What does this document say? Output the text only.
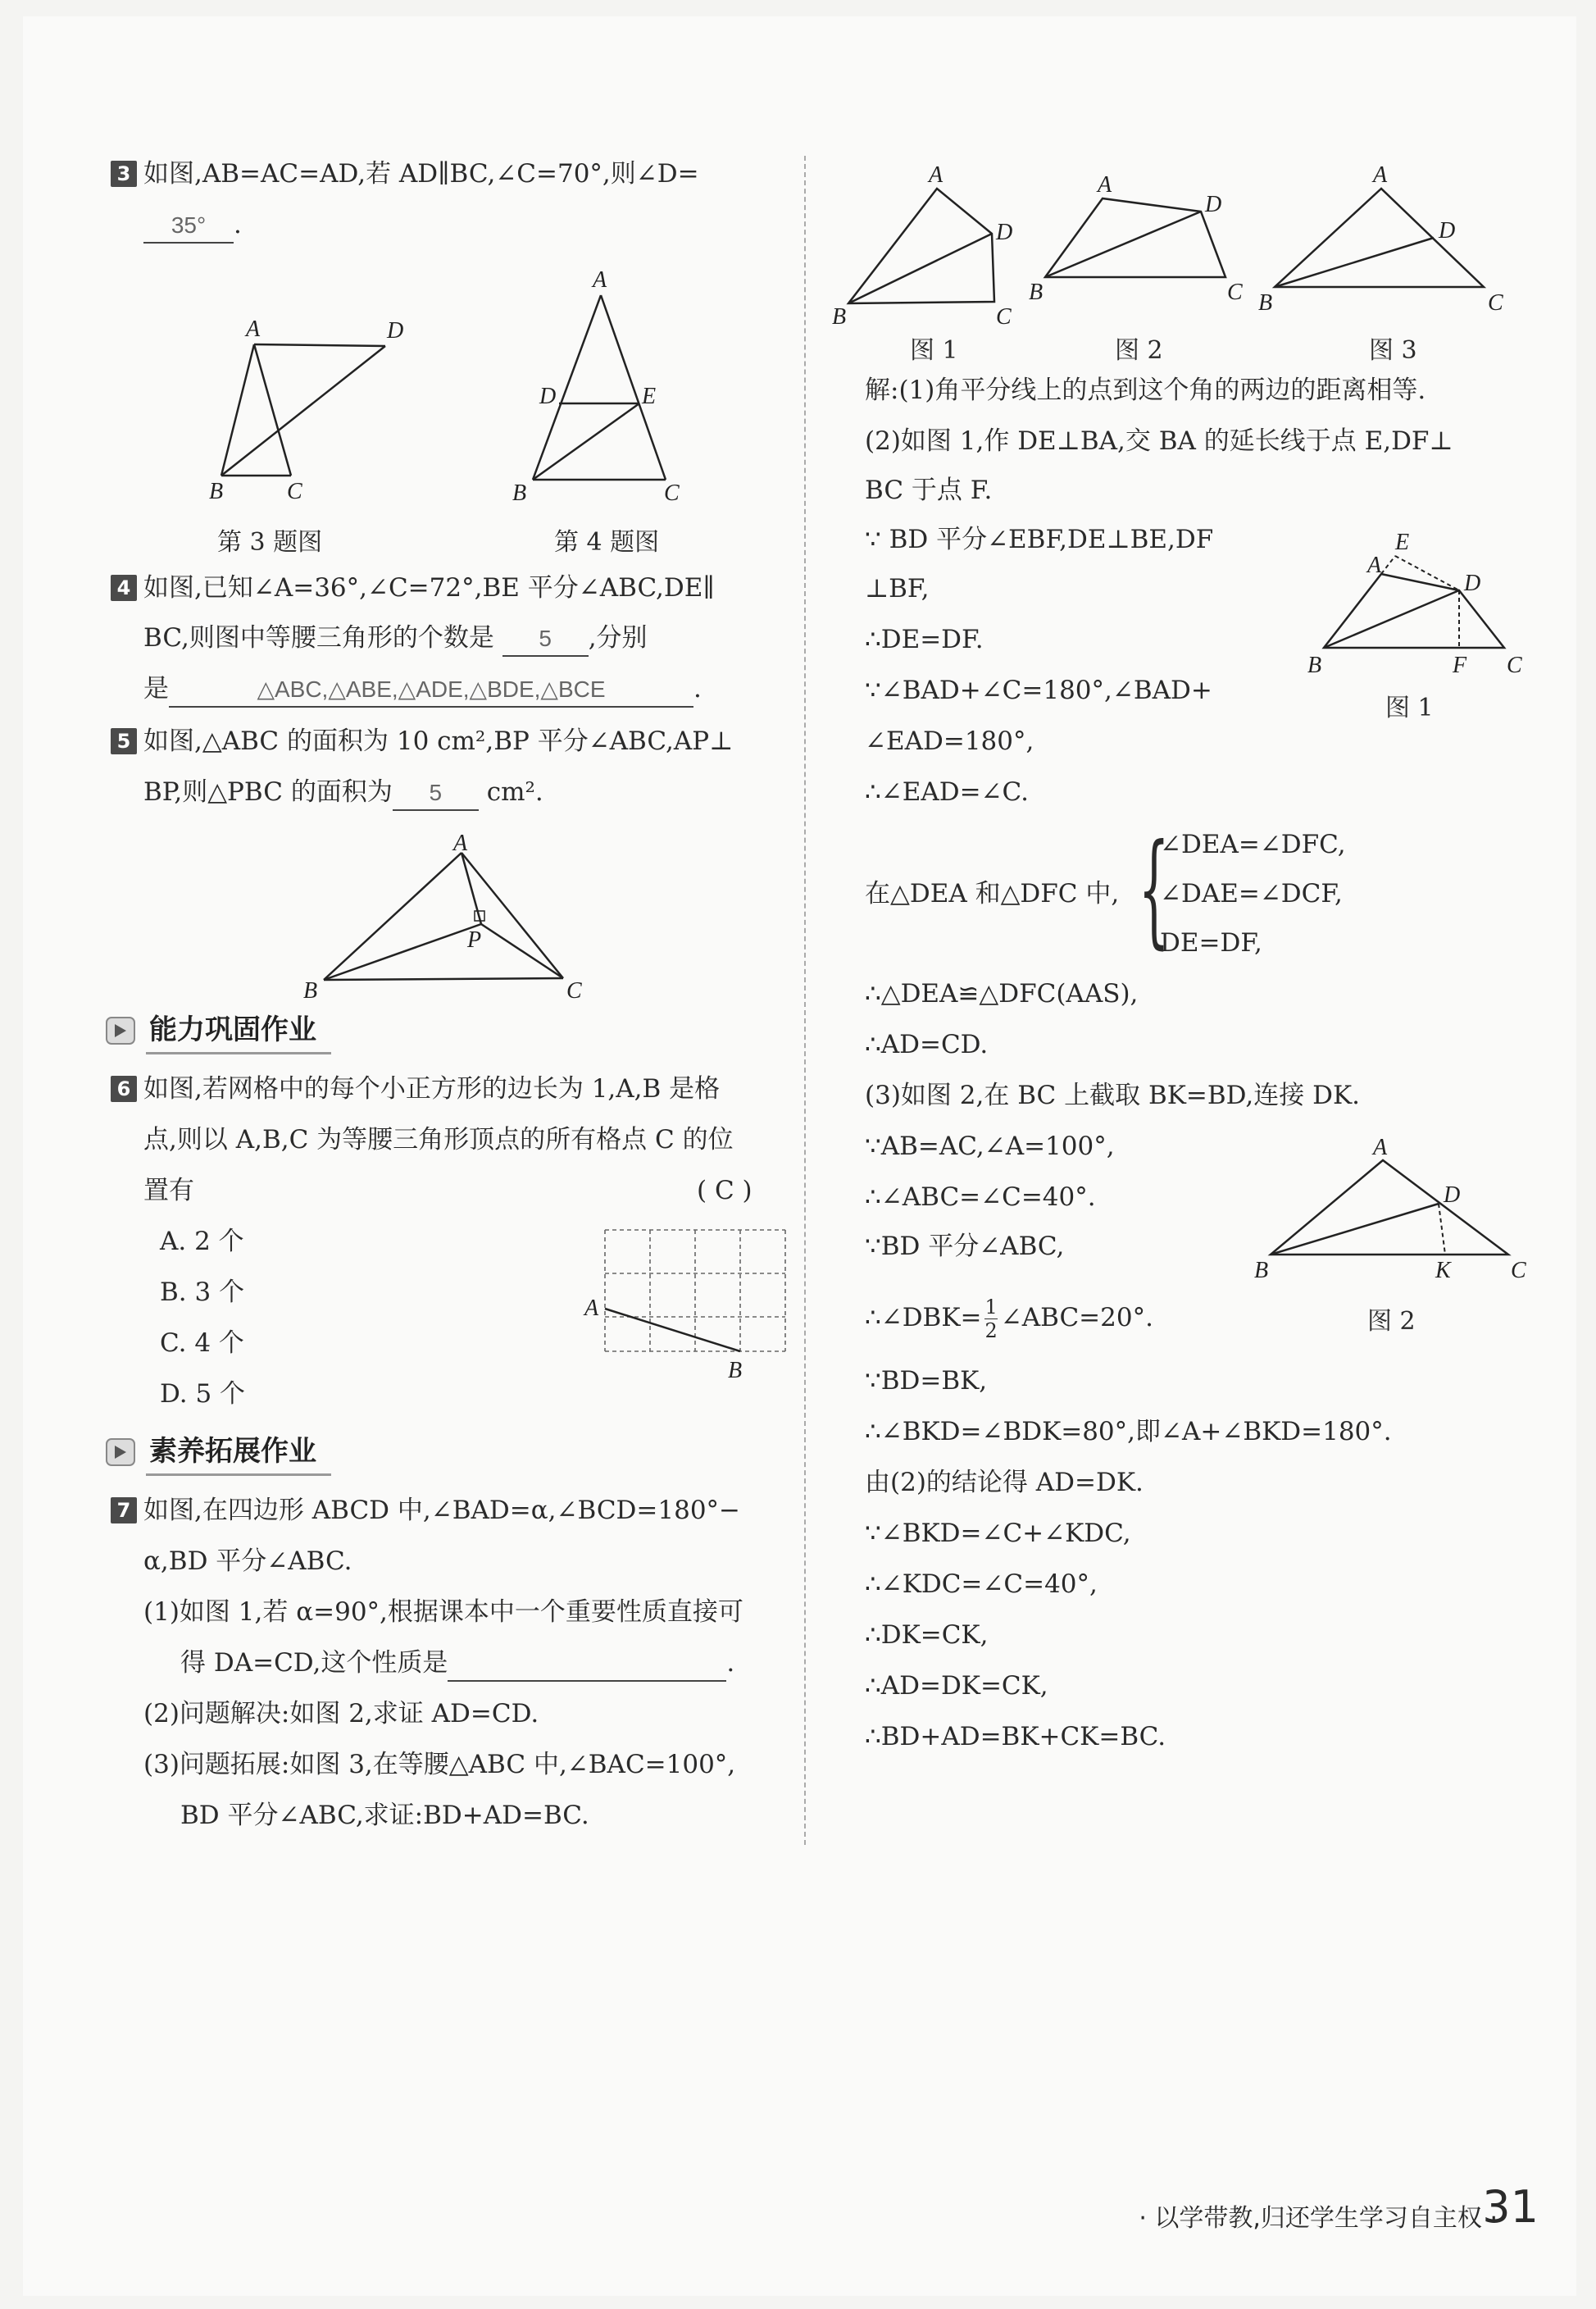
3 如图,AB=AC=AD,若 AD∥BC,∠C=70°,则∠D=
35° .
A	D
B	C
第 3 题图
A
D	E
B	C
第 4 题图
4 如图,已知∠A=36°,∠C=72°,BE 平分∠ABC,DE∥
BC,则图中等腰三角形的个数是 5 ,分别
是	△ABC,△ABE,△ADE,△BDE,△BCE	.
5 如图,△ABC 的面积为 10 cm²,BP 平分∠ABC,AP⊥
BP,则△PBC 的面积为 5 cm².
A
B	C
P
能力巩固作业
6 如图,若网格中的每个小正方形的边长为 1,A,B 是格
点,则以 A,B,C 为等腰三角形顶点的所有格点 C 的位
置有	( C )
A. 2 个
B. 3 个
C. 4 个
D. 5 个
A
B
素养拓展作业
7 如图,在四边形 ABCD 中,∠BAD=α,∠BCD=180°−
α,BD 平分∠ABC.
(1)如图 1,若 α=90°,根据课本中一个重要性质直接可
得 DA=CD,这个性质是	.
(2)问题解决:如图 2,求证 AD=CD.
(3)问题拓展:如图 3,在等腰△ABC 中,∠BAC=100°,
BD 平分∠ABC,求证:BD+AD=BC.
A
D
B	C
A
D
B	C
A
D
B	C
图 1	图 2	图 3
解:(1)角平分线上的点到这个角的两边的距离相等.
(2)如图 1,作 DE⊥BA,交 BA 的延长线于点 E,DF⊥
BC 于点 F.
∵ BD 平分∠EBF,DE⊥BE,DF
⊥BF,
∴DE=DF.
∵∠BAD+∠C=180°,∠BAD+
∠EAD=180°,
∴∠EAD=∠C.
E
A
D
B	F C
图 1
在△DEA 和△DFC 中, {
∠DEA=∠DFC,
∠DAE=∠DCF,
DE=DF,
∴△DEA≌△DFC(AAS),
∴AD=CD.
(3)如图 2,在 BC 上截取 BK=BD,连接 DK.
∵AB=AC,∠A=100°,
∴∠ABC=∠C=40°.
∵BD 平分∠ABC,
∴∠DBK= $\frac{1}{2}$ ∠ABC=20°.
A
D
B	K	C
图 2
∵BD=BK,
∴∠BKD=∠BDK=80°,即∠A+∠BKD=180°.
由(2)的结论得 AD=DK.
∵∠BKD=∠C+∠KDC,
∴∠KDC=∠C=40°,
∴DK=CK,
∴AD=DK=CK,
∴BD+AD=BK+CK=BC.
· 以学带教,归还学生学习自主权 ·
31
